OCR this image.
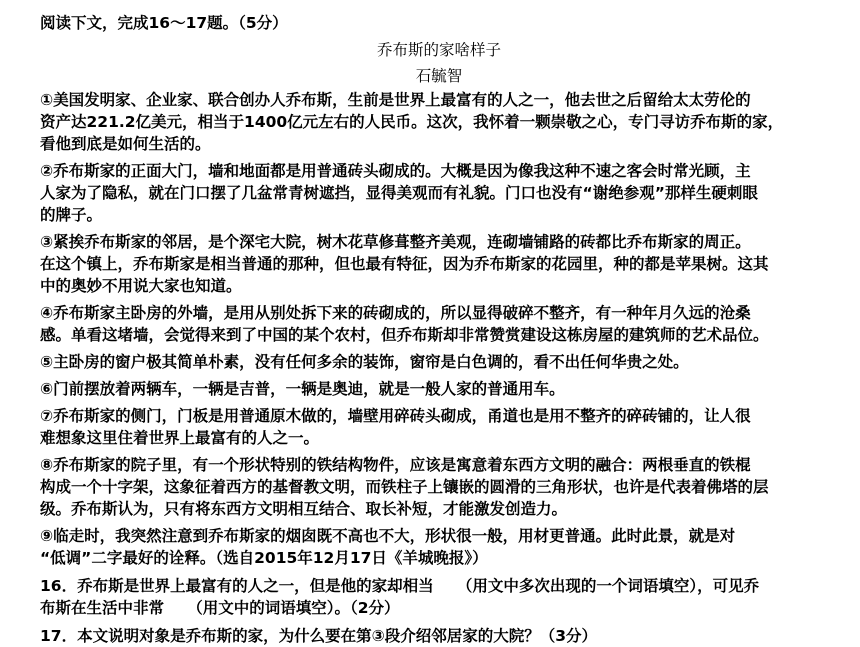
阅读下文，完成16～17题。（5分）
乔布斯的家啥样子
石毓智
①美国发明家、企业家、联合创办人乔布斯，生前是世界上最富有的人之一，他去世之后留给太太劳伦的
资产达221.2亿美元，相当于1400亿元左右的人民币。这次，我怀着一颗崇敬之心，专门寻访乔布斯的家，
看他到底是如何生活的。
②乔布斯家的正面大门，墙和地面都是用普通砖头砌成的。大概是因为像我这种不速之客会时常光顾，主
人家为了隐私，就在门口摆了几盆常青树遮挡，显得美观而有礼貌。门口也没有“谢绝参观”那样生硬刺眼
的牌子。
③紧挨乔布斯家的邻居，是个深宅大院，树木花草修葺整齐美观，连砌墙铺路的砖都比乔布斯家的周正。
在这个镇上，乔布斯家是相当普通的那种，但也最有特征，因为乔布斯家的花园里，种的都是苹果树。这其
中的奥妙不用说大家也知道。
④乔布斯家主卧房的外墙，是用从别处拆下来的砖砌成的，所以显得破碎不整齐，有一种年月久远的沧桑
感。单看这堵墙，会觉得来到了中国的某个农村，但乔布斯却非常赞赏建设这栋房屋的建筑师的艺术品位。
⑤主卧房的窗户极其简单朴素，没有任何多余的装饰，窗帘是白色调的，看不出任何华贵之处。
⑥门前摆放着两辆车，一辆是吉普，一辆是奥迪，就是一般人家的普通用车。
⑦乔布斯家的侧门，门板是用普通原木做的，墙壁用碎砖头砌成，甬道也是用不整齐的碎砖铺的，让人很
难想象这里住着世界上最富有的人之一。
⑧乔布斯家的院子里，有一个形状特别的铁结构物件，应该是寓意着东西方文明的融合：两根垂直的铁棍
构成一个十字架，这象征着西方的基督教文明，而铁柱子上镶嵌的圆滑的三角形状，也许是代表着佛塔的层
级。乔布斯认为，只有将东西方文明相互结合、取长补短，才能激发创造力。
⑨临走时，我突然注意到乔布斯家的烟囱既不高也不大，形状很一般，用材更普通。此时此景，就是对
“低调”二字最好的诠释。（选自2015年12月17日《羊城晚报》）
16．乔布斯是世界上最富有的人之一，但是他的家却相当　　（用文中多次出现的一个词语填空），可见乔
布斯在生活中非常　　（用文中的词语填空）。（2分）
17．本文说明对象是乔布斯的家，为什么要在第③段介绍邻居家的大院？（3分）
